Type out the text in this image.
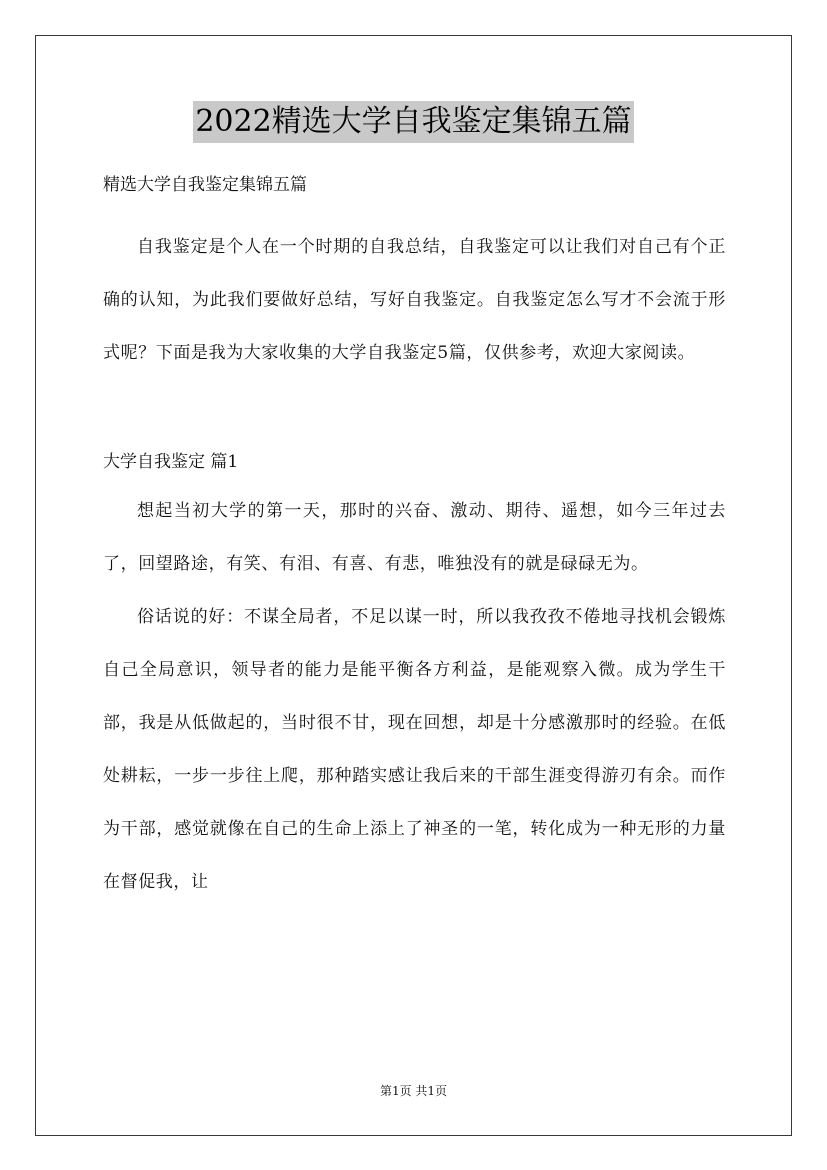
2022精选大学自我鉴定集锦五篇

精选大学自我鉴定集锦五篇

自我鉴定是个人在一个时期的自我总结，自我鉴定可以让我们对自己有个正确的认知，为此我们要做好总结，写好自我鉴定。自我鉴定怎么写才不会流于形式呢？下面是我为大家收集的大学自我鉴定5篇，仅供参考，欢迎大家阅读。

大学自我鉴定 篇1

想起当初大学的第一天，那时的兴奋、激动、期待、遥想，如今三年过去了，回望路途，有笑、有泪、有喜、有悲，唯独没有的就是碌碌无为。

俗话说的好：不谋全局者，不足以谋一时，所以我孜孜不倦地寻找机会锻炼自己全局意识，领导者的能力是能平衡各方利益，是能观察入微。成为学生干部，我是从低做起的，当时很不甘，现在回想，却是十分感激那时的经验。在低处耕耘，一步一步往上爬，那种踏实感让我后来的干部生涯变得游刃有余。而作为干部，感觉就像在自己的生命上添上了神圣的一笔，转化成为一种无形的力量在督促我，让

第1页 共1页
